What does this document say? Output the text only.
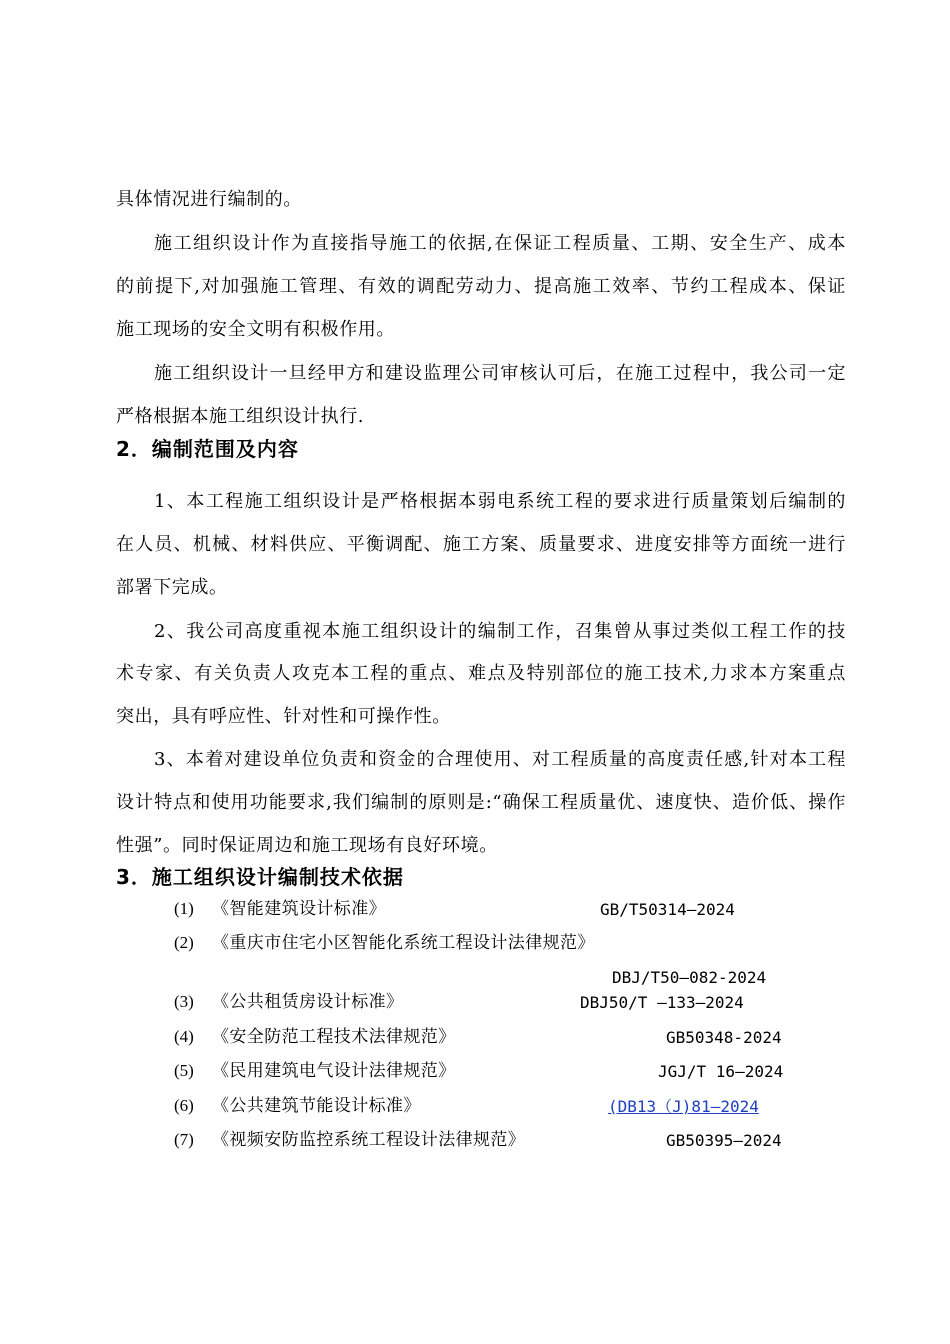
具体情况进行编制的。
施工组织设计作为直接指导施工的依据,在保证工程质量、工期、安全生产、成本
的前提下,对加强施工管理、有效的调配劳动力、提高施工效率、节约工程成本、保证
施工现场的安全文明有积极作用。
施工组织设计一旦经甲方和建设监理公司审核认可后，在施工过程中，我公司一定
严格根据本施工组织设计执行.
2．编制范围及内容
1、本工程施工组织设计是严格根据本弱电系统工程的要求进行质量策划后编制的
在人员、机械、材料供应、平衡调配、施工方案、质量要求、进度安排等方面统一进行
部署下完成。
2、我公司高度重视本施工组织设计的编制工作，召集曾从事过类似工程工作的技
术专家、有关负责人攻克本工程的重点、难点及特别部位的施工技术,力求本方案重点
突出，具有呼应性、针对性和可操作性。
3、本着对建设单位负责和资金的合理使用、对工程质量的高度责任感,针对本工程
设计特点和使用功能要求,我们编制的原则是:“确保工程质量优、速度快、造价低、操作
性强”。同时保证周边和施工现场有良好环境。
3．施工组织设计编制技术依据
(1) 《智能建筑设计标准》	GB/T50314—2024
(2) 《重庆市住宅小区智能化系统工程设计法律规范》
DBJ/T50—082-2024
(3) 《公共租赁房设计标准》	DBJ50/T —133—2024
(4) 《安全防范工程技术法律规范》	GB50348-2024
(5) 《民用建筑电气设计法律规范》	JGJ/T 16—2024
(6) 《公共建筑节能设计标准》	(DB13（J)81—2024
(7) 《视频安防监控系统工程设计法律规范》	GB50395—2024
